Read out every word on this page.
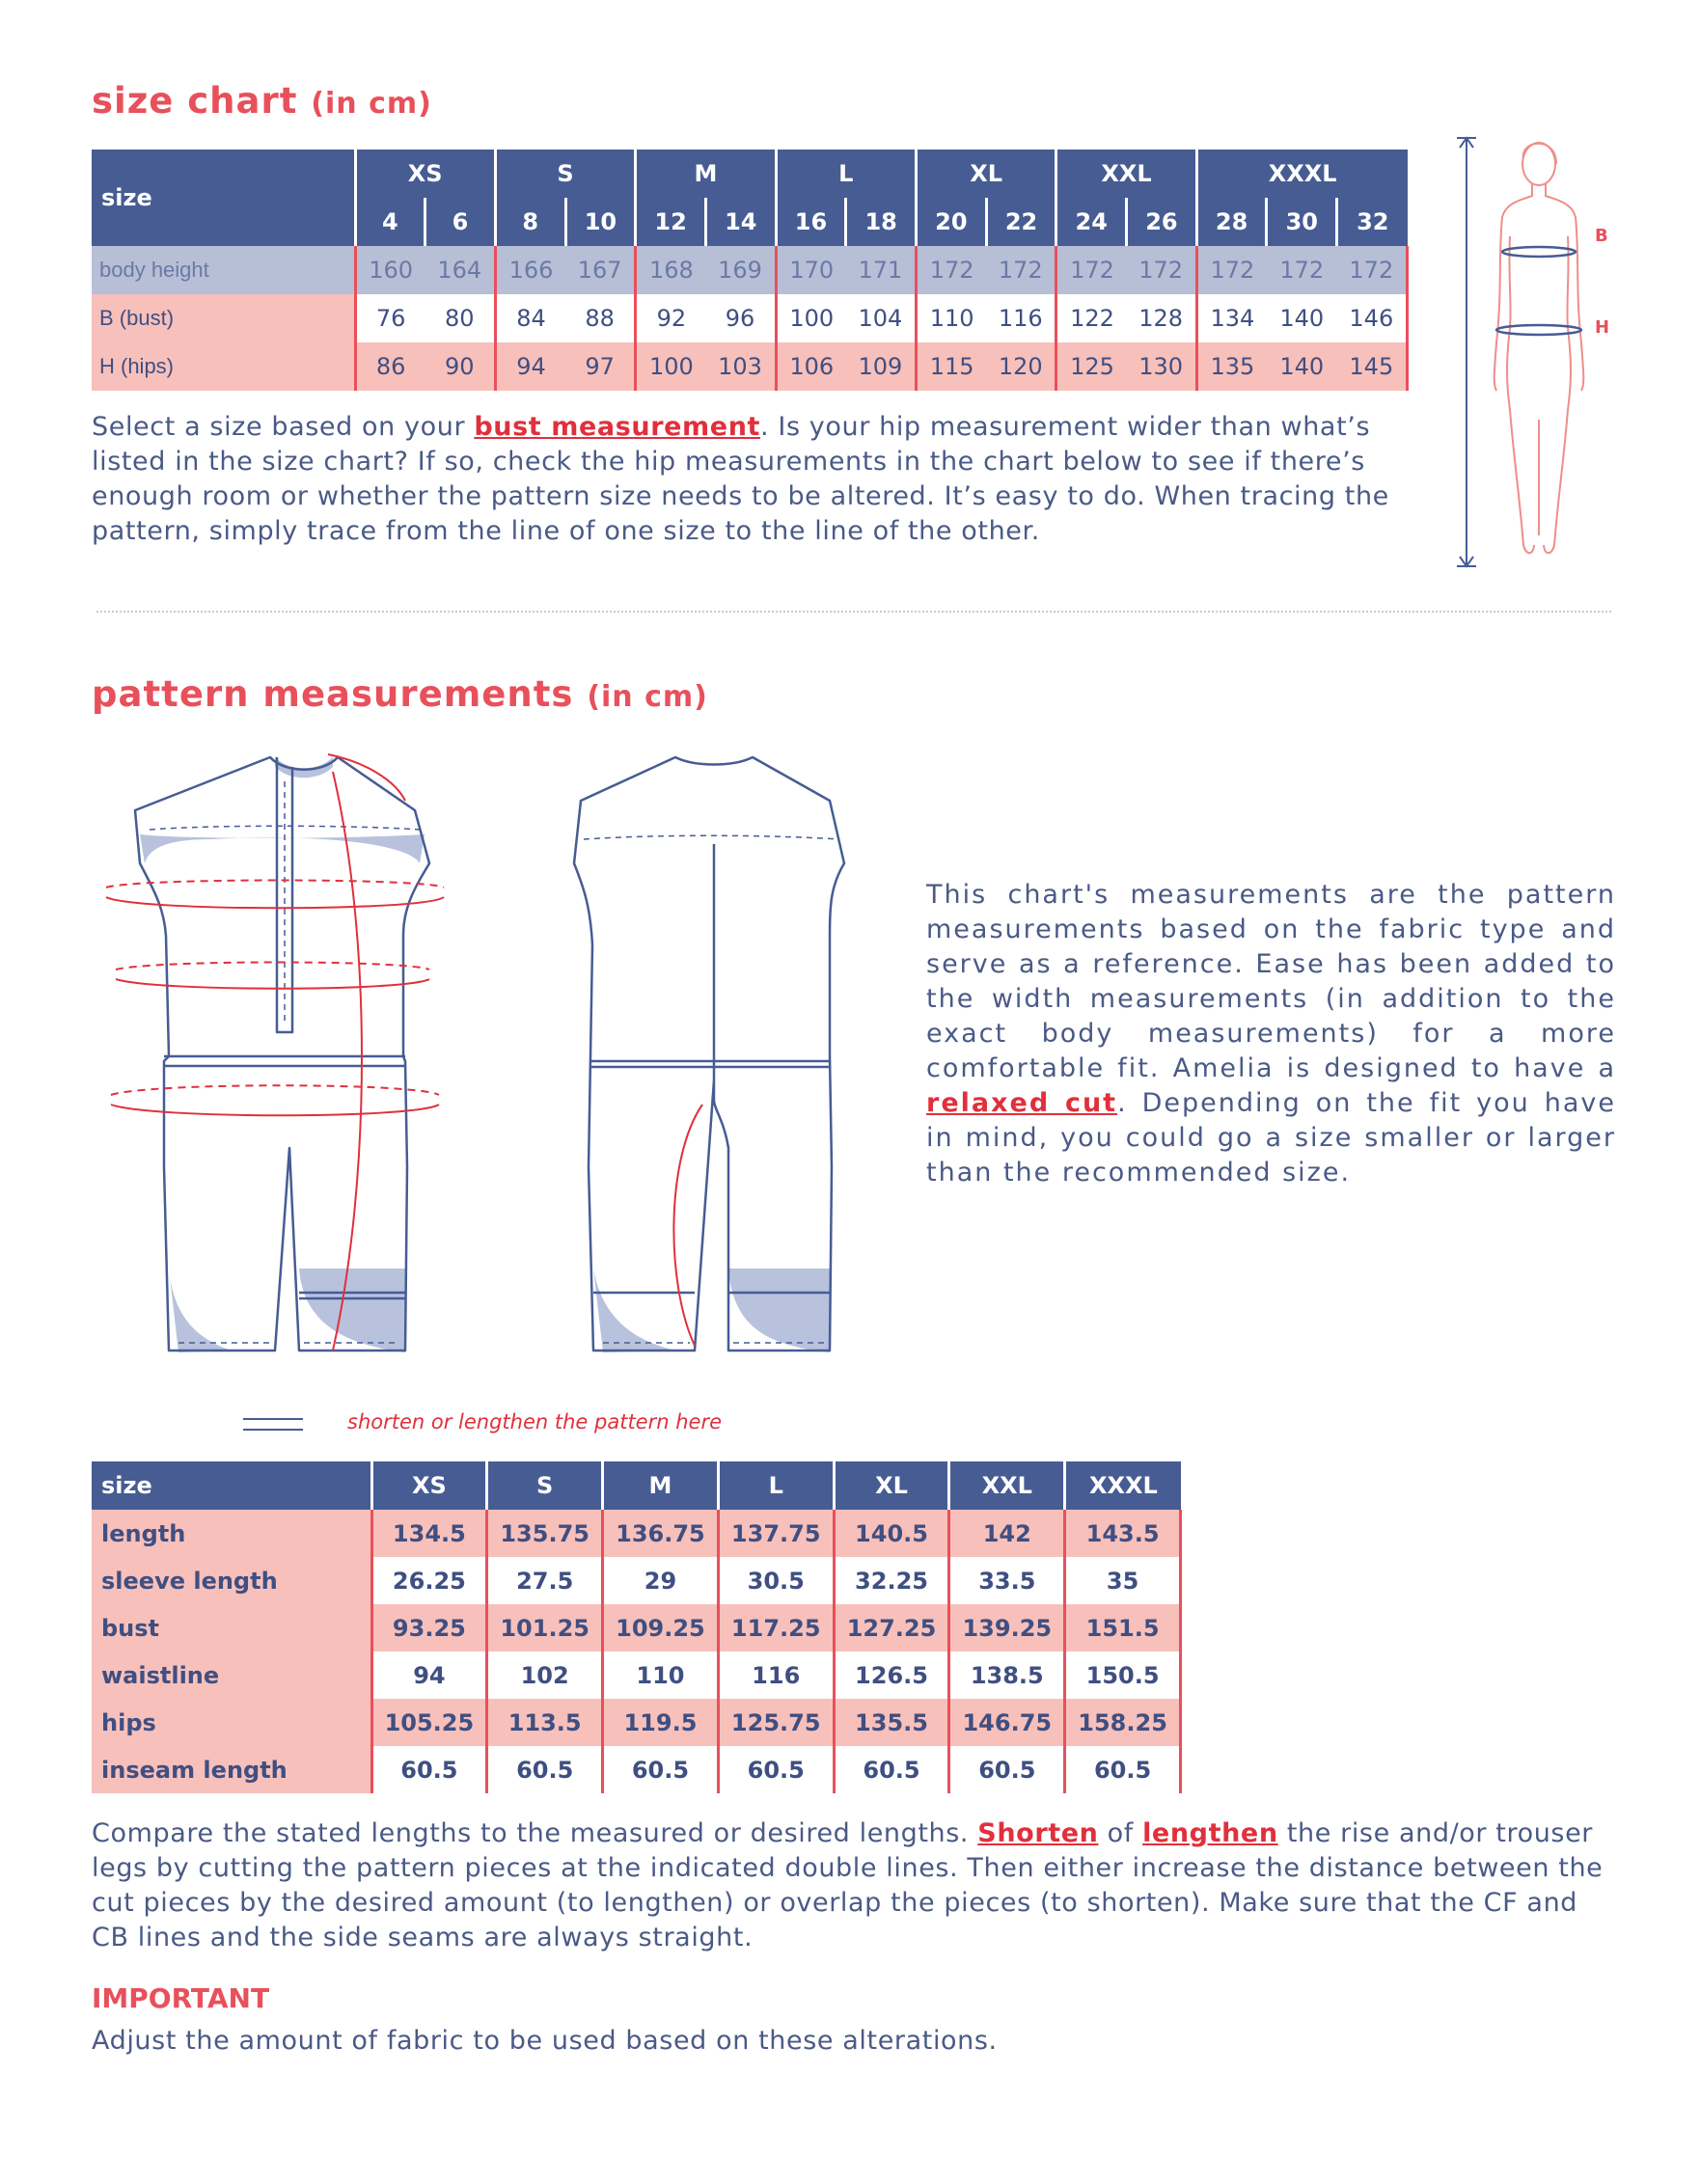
size chart (in cm)
size	XS		S		M		L		XL		XXL		XXXL		
	4	6	8	10	12	14	16	18	20	22	24	26	28	30	32
body height	160	164	166	167	168	169	170	171	172	172	172	172	172	172	172
B (bust)	76	80	84	88	92	96	100	104	110	116	122	128	134	140	146
H (hips)	86	90	94	97	100	103	106	109	115	120	125	130	135	140	145

Select a size based on your bust measurement. Is your hip measurement wider than what’s listed in the size chart? If so, check the hip measurements in the chart below to see if there’s enough room or whether the pattern size needs to be altered. It’s easy to do. When tracing the pattern, simply trace from the line of one size to the line of the other.

B
H
pattern measurements (in cm)

This chart's measurements are the pattern measurements based on the fabric type and serve as a reference. Ease has been added to the width measurements (in addition to the exact body measurements) for a more comfortable fit. Amelia is designed to have a relaxed cut. Depending on the fit you have in mind, you could go a size smaller or larger than the recommended size.

shorten or lengthen the pattern here

size	XS	S	M	L	XL	XXL	XXXL
length	134.5	135.75	136.75	137.75	140.5	142	143.5
sleeve length	26.25	27.5	29	30.5	32.25	33.5	35
bust	93.25	101.25	109.25	117.25	127.25	139.25	151.5
waistline	94	102	110	116	126.5	138.5	150.5
hips	105.25	113.5	119.5	125.75	135.5	146.75	158.25
inseam length	60.5	60.5	60.5	60.5	60.5	60.5	60.5

Compare the stated lengths to the measured or desired lengths. Shorten of lengthen the rise and/or trouser legs by cutting the pattern pieces at the indicated double lines. Then either increase the distance between the cut pieces by the desired amount (to lengthen) or overlap the pieces (to shorten). Make sure that the CF and CB lines and the side seams are always straight.

IMPORTANT

Adjust the amount of fabric to be used based on these alterations.
